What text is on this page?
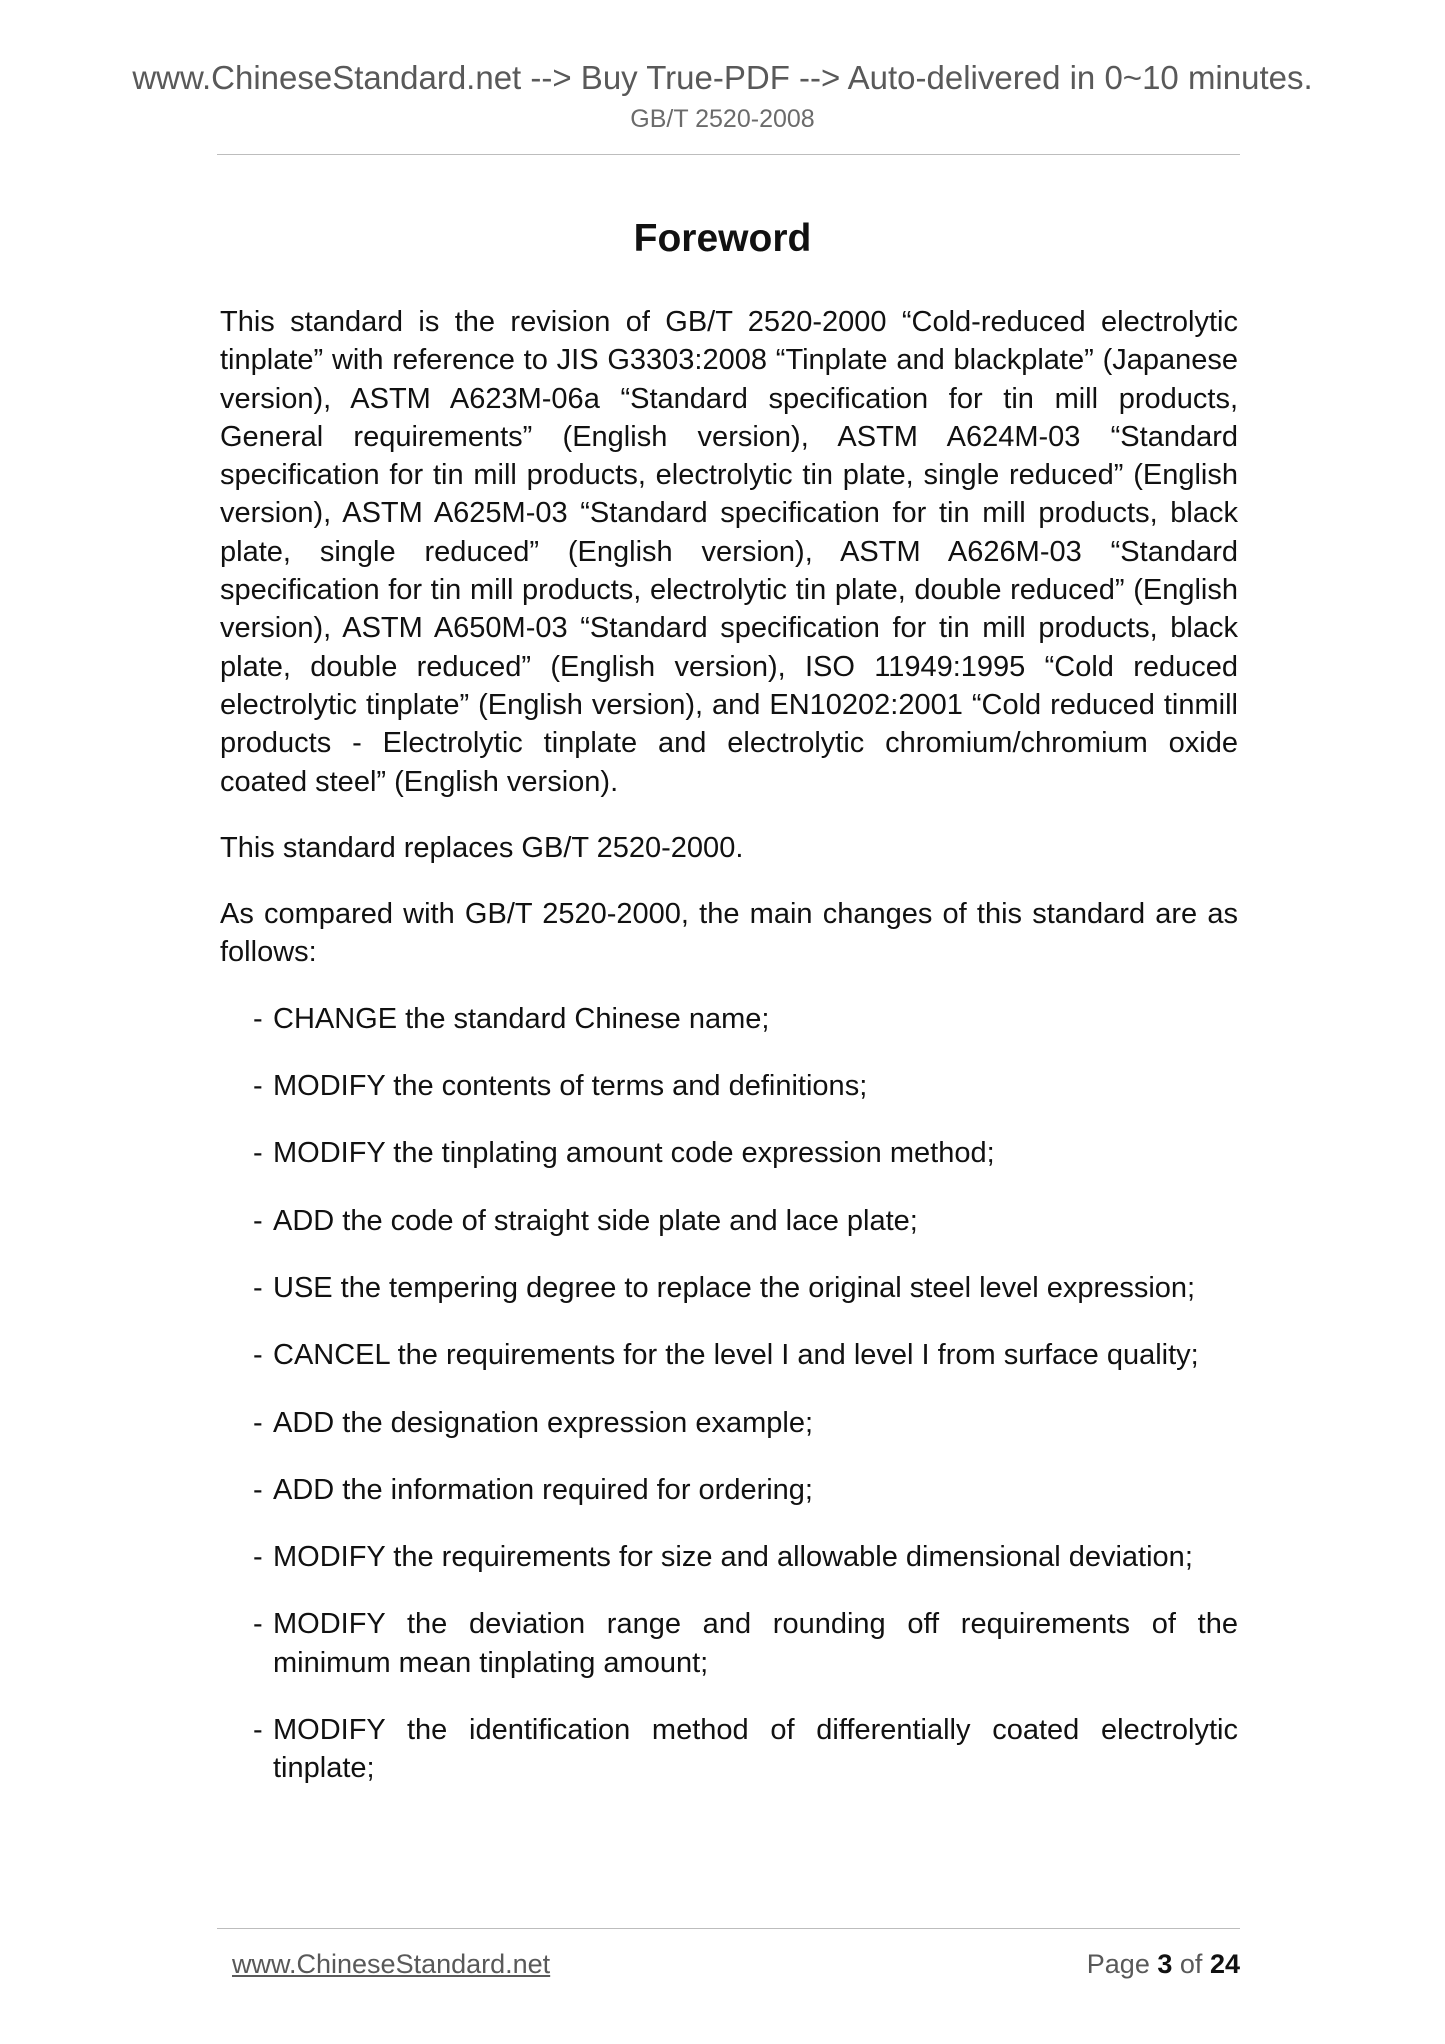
www.ChineseStandard.net --> Buy True-PDF --> Auto-delivered in 0~10 minutes.
GB/T 2520-2008
Foreword

This standard is the revision of GB/T 2520-2000 “Cold-reduced electrolytic tinplate” with reference to JIS G3303:2008 “Tinplate and blackplate” (Japanese version), ASTM A623M-06a “Standard specification for tin mill products, General requirements” (English version), ASTM A624M-03 “Standard specification for tin mill products, electrolytic tin plate, single reduced” (English version), ASTM A625M-03 “Standard specification for tin mill products, black plate, single reduced” (English version), ASTM A626M-03 “Standard specification for tin mill products, electrolytic tin plate, double reduced” (English version), ASTM A650M-03 “Standard specification for tin mill products, black plate, double reduced” (English version), ISO 11949:1995 “Cold reduced electrolytic tinplate” (English version), and EN10202:2001 “Cold reduced tinmill products - Electrolytic tinplate and electrolytic chromium/chromium oxide coated steel” (English version).

This standard replaces GB/T 2520-2000.

As compared with GB/T 2520-2000, the main changes of this standard are as follows:

- CHANGE the standard Chinese name;
- MODIFY the contents of terms and definitions;
- MODIFY the tinplating amount code expression method;
- ADD the code of straight side plate and lace plate;
- USE the tempering degree to replace the original steel level expression;
- CANCEL the requirements for the level I and level I from surface quality;
- ADD the designation expression example;
- ADD the information required for ordering;
- MODIFY the requirements for size and allowable dimensional deviation;
- MODIFY the deviation range and rounding off requirements of the minimum mean tinplating amount;
- MODIFY the identification method of differentially coated electrolytic tinplate;
www.ChineseStandard.net	Page 3 of 24
